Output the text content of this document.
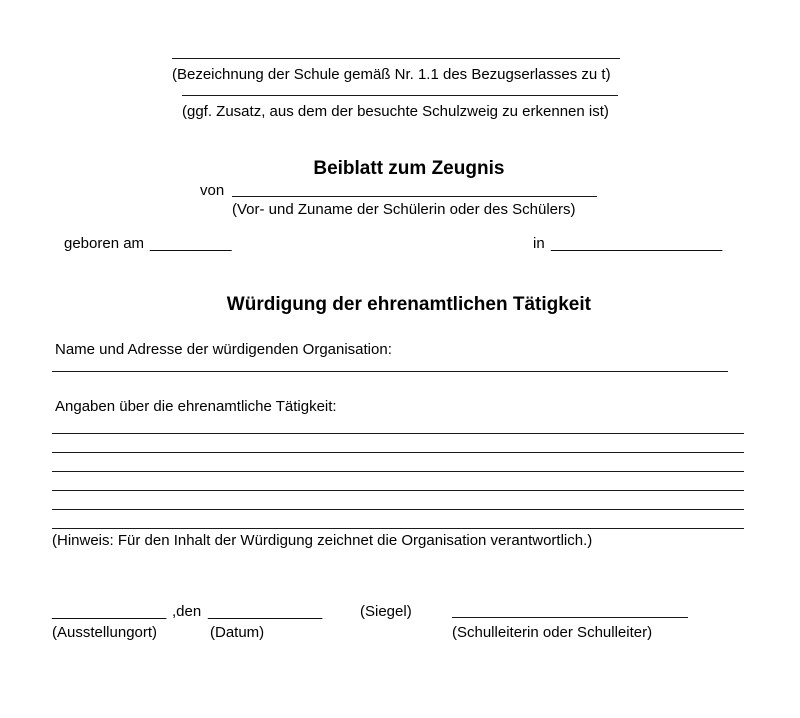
(Bezeichnung der Schule gemäß Nr. 1.1 des Bezugserlasses zu t)
(ggf. Zusatz, aus dem der besuchte Schulzweig zu erkennen ist)

Beiblatt zum Zeugnis

von
(Vor- und Zuname der Schülerin oder des Schülers)
geboren am __________	in _____________________

Würdigung der ehrenamtlichen Tätigkeit

Name und Adresse der würdigenden Organisation:
Angaben über die ehrenamtliche Tätigkeit:
(Hinweis: Für den Inhalt der Würdigung zeichnet die Organisation verantwortlich.)
______________ ,den ______________	(Siegel)
(Ausstellungort)	(Datum)	(Schulleiterin oder Schulleiter)
